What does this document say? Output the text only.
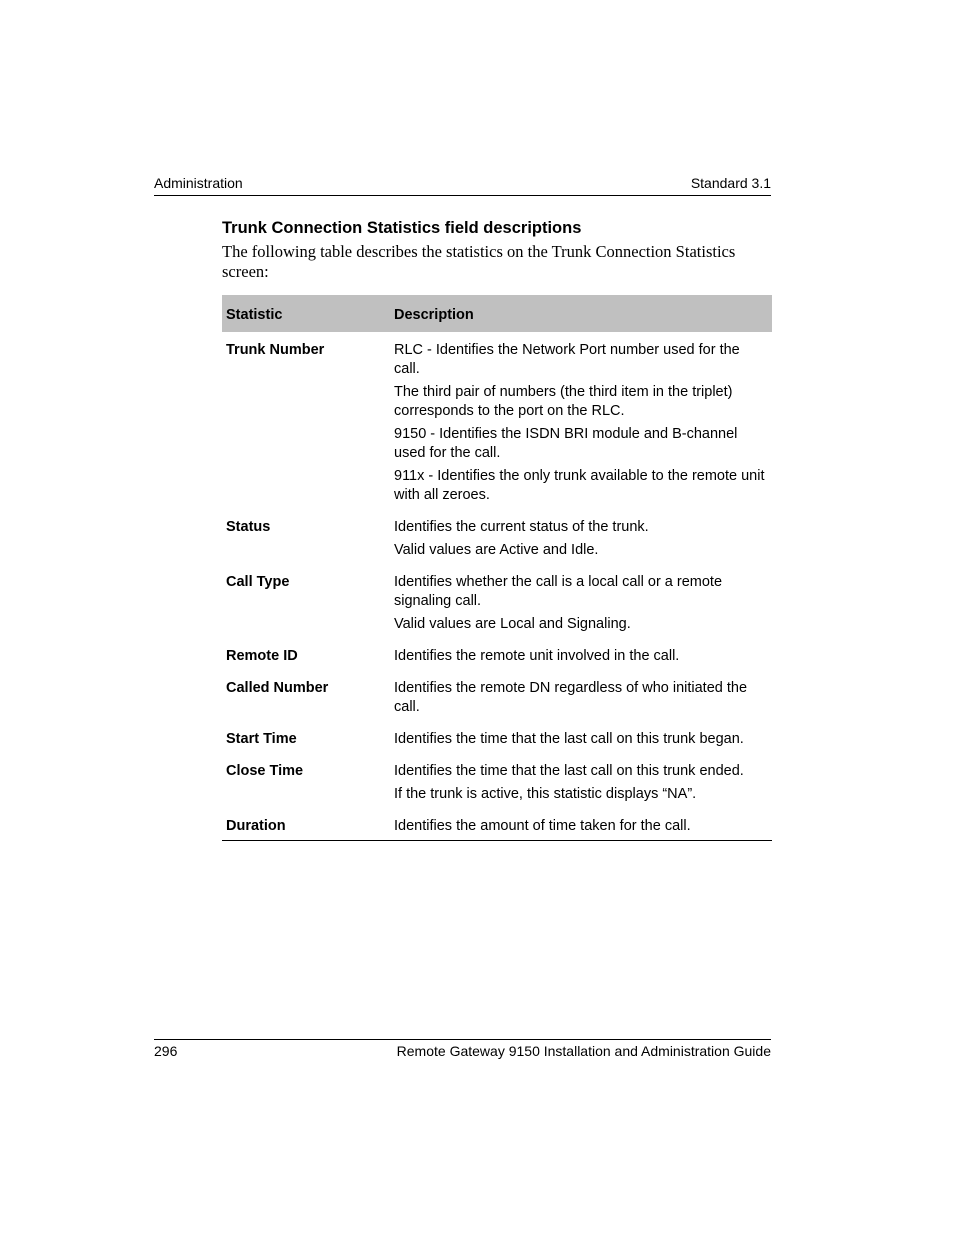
Administration	Standard 3.1
Trunk Connection Statistics field descriptions

The following table describes the statistics on the Trunk Connection Statistics screen:

Statistic	Description
Trunk Number	RLC - Identifies the Network Port number used for the call.

The third pair of numbers (the third item in the triplet) corresponds to the port on the RLC.

9150 - Identifies the ISDN BRI module and B-channel used for the call.

911x - Identifies the only trunk available to the remote unit with all zeroes.

Status	Identifies the current status of the trunk.

Valid values are Active and Idle.

Call Type	Identifies whether the call is a local call or a remote signaling call.

Valid values are Local and Signaling.

Remote ID	Identifies the remote unit involved in the call.

Called Number	Identifies the remote DN regardless of who initiated the call.

Start Time	Identifies the time that the last call on this trunk began.

Close Time	Identifies the time that the last call on this trunk ended.

If the trunk is active, this statistic displays “NA”.

Duration	Identifies the amount of time taken for the call.

296	Remote Gateway 9150 Installation and Administration Guide
